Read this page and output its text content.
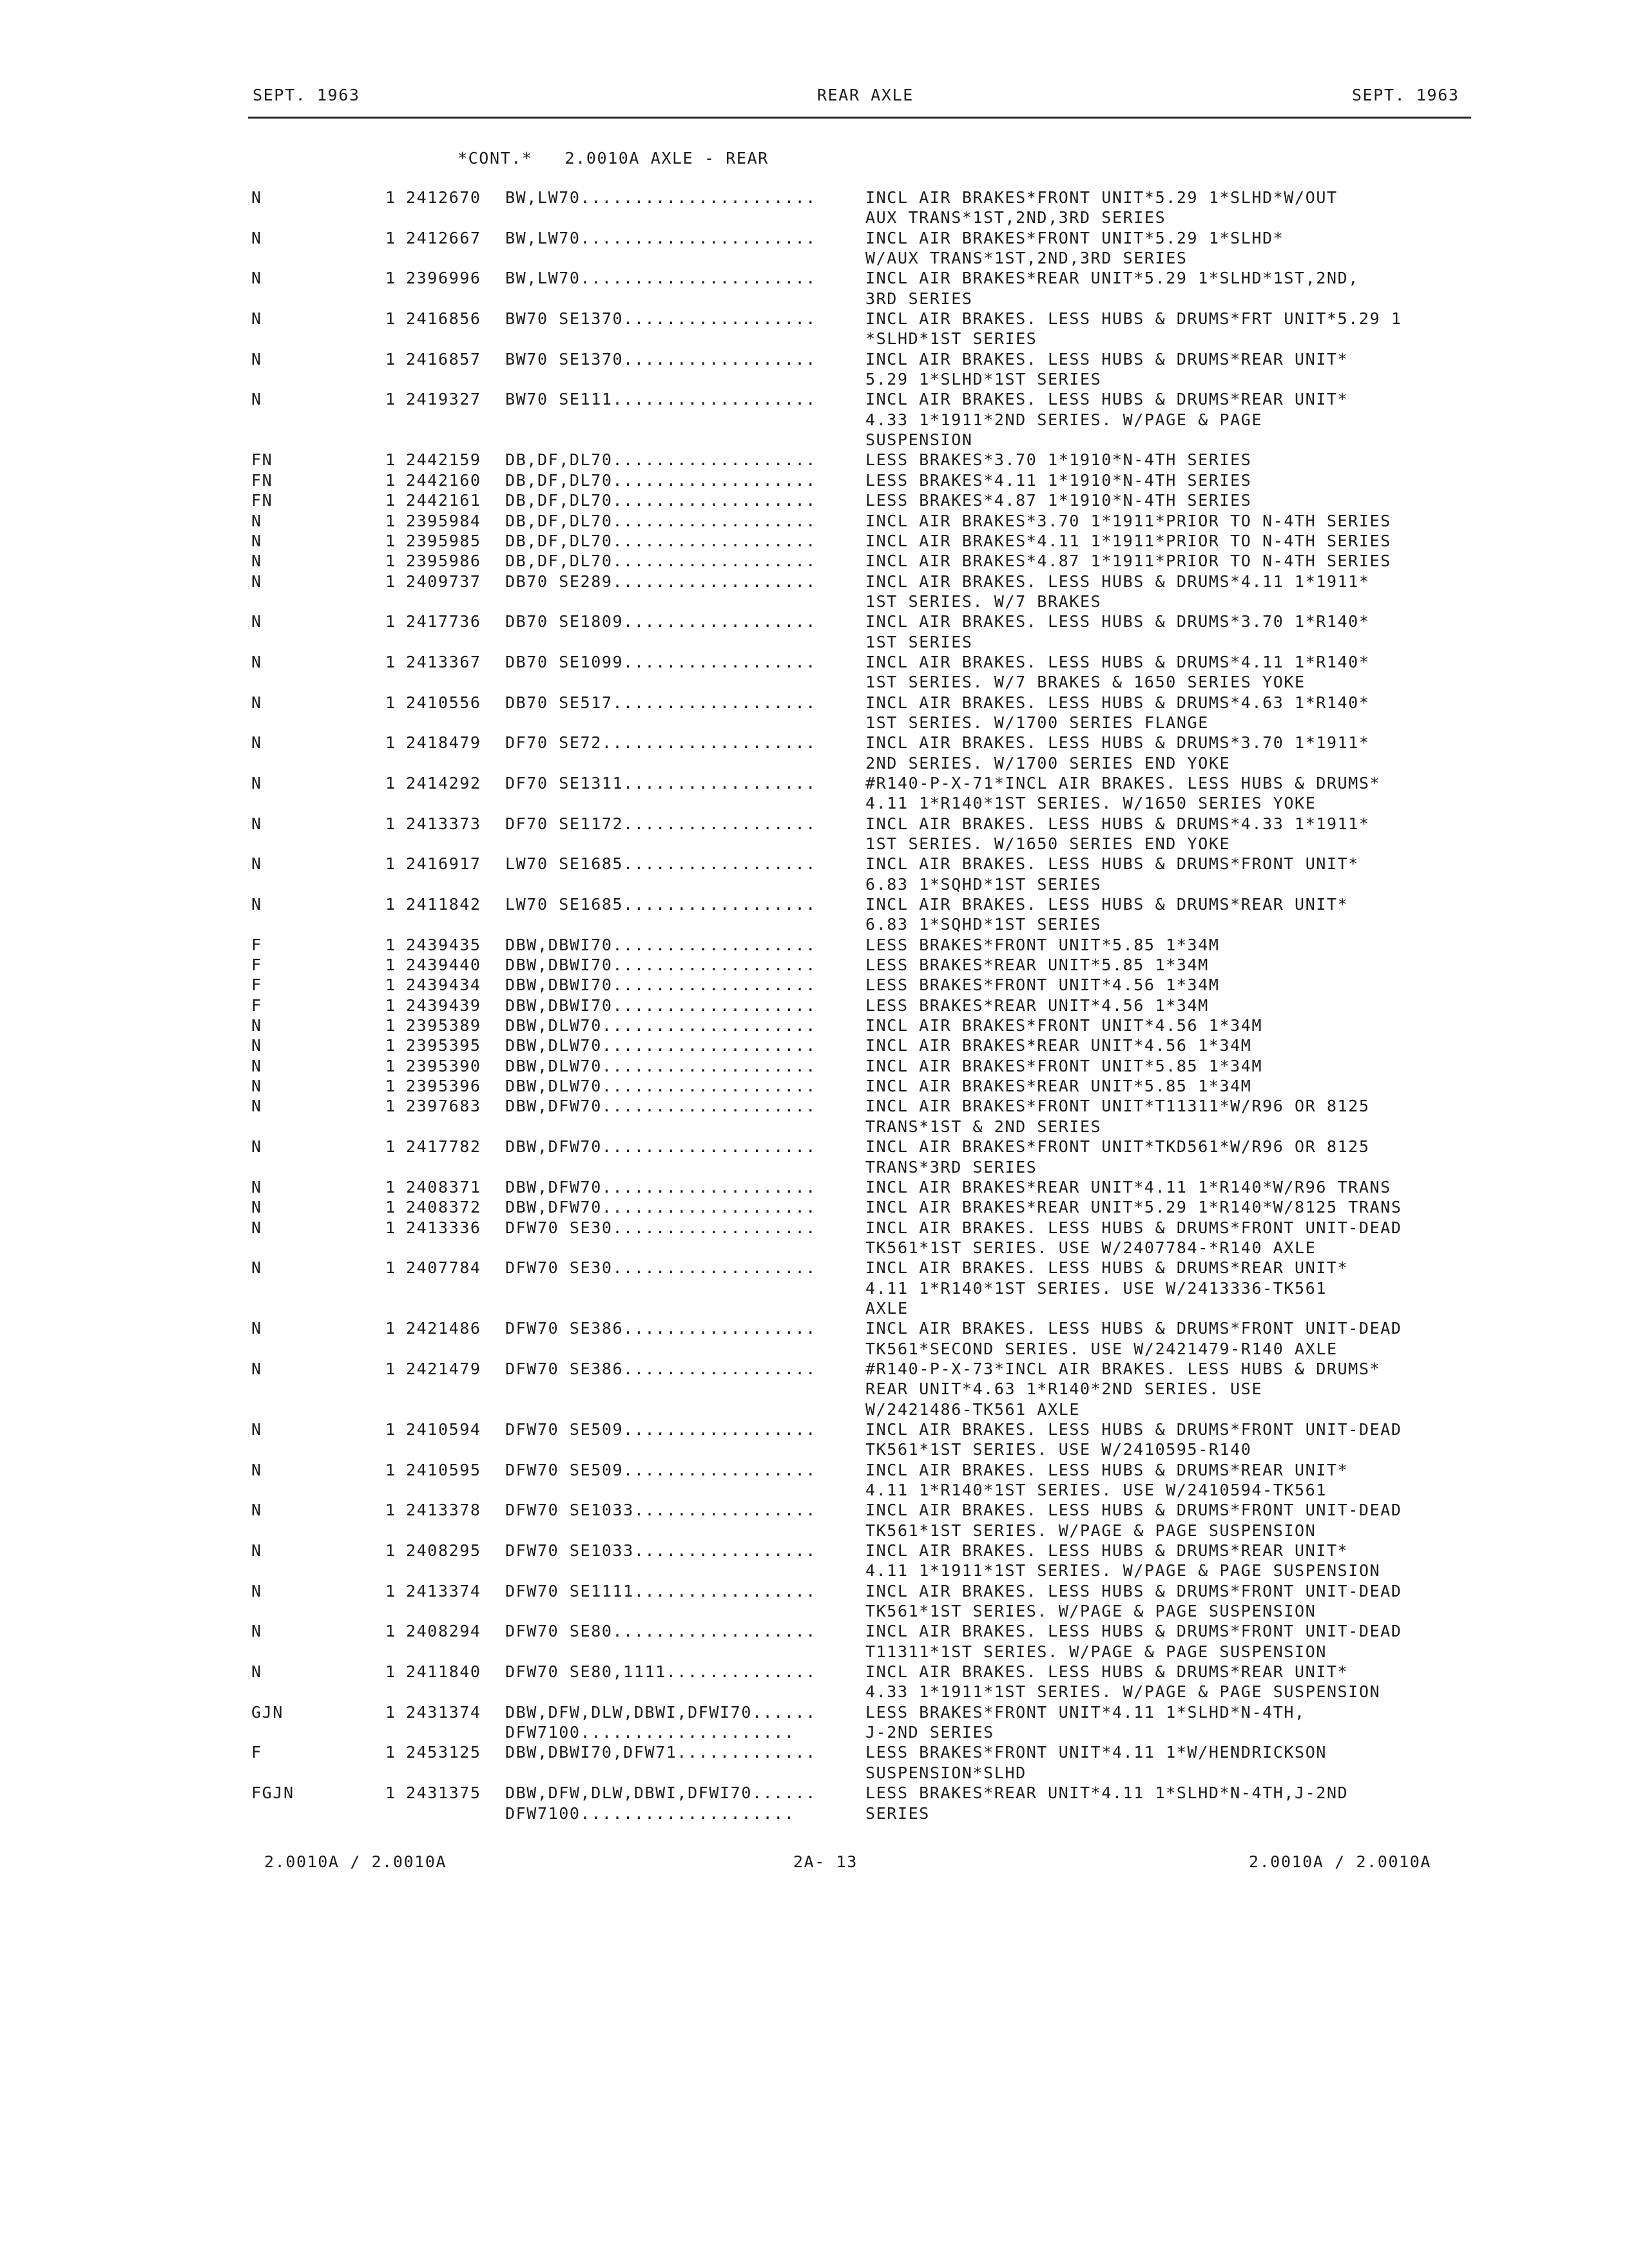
SEPT. 1963	REAR AXLE	SEPT. 1963
*CONT.*   2.0010A AXLE - REAR
N	1 2412670 BW,LW70......................	INCL AIR BRAKES*FRONT UNIT*5.29 1*SLHD*W/OUT
AUX TRANS*1ST,2ND,3RD SERIES
N	1 2412667 BW,LW70......................	INCL AIR BRAKES*FRONT UNIT*5.29 1*SLHD*
W/AUX TRANS*1ST,2ND,3RD SERIES
N	1 2396996 BW,LW70......................	INCL AIR BRAKES*REAR UNIT*5.29 1*SLHD*1ST,2ND,
3RD SERIES
N	1 2416856 BW70 SE1370..................	INCL AIR BRAKES. LESS HUBS & DRUMS*FRT UNIT*5.29 1
*SLHD*1ST SERIES
N	1 2416857 BW70 SE1370..................	INCL AIR BRAKES. LESS HUBS & DRUMS*REAR UNIT*
5.29 1*SLHD*1ST SERIES
N	1 2419327 BW70 SE111...................	INCL AIR BRAKES. LESS HUBS & DRUMS*REAR UNIT*
4.33 1*1911*2ND SERIES. W/PAGE & PAGE
SUSPENSION
FN	1 2442159 DB,DF,DL70...................	LESS BRAKES*3.70 1*1910*N-4TH SERIES
FN	1 2442160 DB,DF,DL70...................	LESS BRAKES*4.11 1*1910*N-4TH SERIES
FN	1 2442161 DB,DF,DL70...................	LESS BRAKES*4.87 1*1910*N-4TH SERIES
N	1 2395984 DB,DF,DL70...................	INCL AIR BRAKES*3.70 1*1911*PRIOR TO N-4TH SERIES
N	1 2395985 DB,DF,DL70...................	INCL AIR BRAKES*4.11 1*1911*PRIOR TO N-4TH SERIES
N	1 2395986 DB,DF,DL70...................	INCL AIR BRAKES*4.87 1*1911*PRIOR TO N-4TH SERIES
N	1 2409737 DB70 SE289...................	INCL AIR BRAKES. LESS HUBS & DRUMS*4.11 1*1911*
1ST SERIES. W/7 BRAKES
N	1 2417736 DB70 SE1809..................	INCL AIR BRAKES. LESS HUBS & DRUMS*3.70 1*R140*
1ST SERIES
N	1 2413367 DB70 SE1099..................	INCL AIR BRAKES. LESS HUBS & DRUMS*4.11 1*R140*
1ST SERIES. W/7 BRAKES & 1650 SERIES YOKE
N	1 2410556 DB70 SE517...................	INCL AIR BRAKES. LESS HUBS & DRUMS*4.63 1*R140*
1ST SERIES. W/1700 SERIES FLANGE
N	1 2418479 DF70 SE72....................	INCL AIR BRAKES. LESS HUBS & DRUMS*3.70 1*1911*
2ND SERIES. W/1700 SERIES END YOKE
N	1 2414292 DF70 SE1311..................	#R140-P-X-71*INCL AIR BRAKES. LESS HUBS & DRUMS*
4.11 1*R140*1ST SERIES. W/1650 SERIES YOKE
N	1 2413373 DF70 SE1172..................	INCL AIR BRAKES. LESS HUBS & DRUMS*4.33 1*1911*
1ST SERIES. W/1650 SERIES END YOKE
N	1 2416917 LW70 SE1685..................	INCL AIR BRAKES. LESS HUBS & DRUMS*FRONT UNIT*
6.83 1*SQHD*1ST SERIES
N	1 2411842 LW70 SE1685..................	INCL AIR BRAKES. LESS HUBS & DRUMS*REAR UNIT*
6.83 1*SQHD*1ST SERIES
F	1 2439435 DBW,DBWI70...................	LESS BRAKES*FRONT UNIT*5.85 1*34M
F	1 2439440 DBW,DBWI70...................	LESS BRAKES*REAR UNIT*5.85 1*34M
F	1 2439434 DBW,DBWI70...................	LESS BRAKES*FRONT UNIT*4.56 1*34M
F	1 2439439 DBW,DBWI70...................	LESS BRAKES*REAR UNIT*4.56 1*34M
N	1 2395389 DBW,DLW70....................	INCL AIR BRAKES*FRONT UNIT*4.56 1*34M
N	1 2395395 DBW,DLW70....................	INCL AIR BRAKES*REAR UNIT*4.56 1*34M
N	1 2395390 DBW,DLW70....................	INCL AIR BRAKES*FRONT UNIT*5.85 1*34M
N	1 2395396 DBW,DLW70....................	INCL AIR BRAKES*REAR UNIT*5.85 1*34M
N	1 2397683 DBW,DFW70....................	INCL AIR BRAKES*FRONT UNIT*T11311*W/R96 OR 8125
TRANS*1ST & 2ND SERIES
N	1 2417782 DBW,DFW70....................	INCL AIR BRAKES*FRONT UNIT*TKD561*W/R96 OR 8125
TRANS*3RD SERIES
N	1 2408371 DBW,DFW70....................	INCL AIR BRAKES*REAR UNIT*4.11 1*R140*W/R96 TRANS
N	1 2408372 DBW,DFW70....................	INCL AIR BRAKES*REAR UNIT*5.29 1*R140*W/8125 TRANS
N	1 2413336 DFW70 SE30...................	INCL AIR BRAKES. LESS HUBS & DRUMS*FRONT UNIT-DEAD
TK561*1ST SERIES. USE W/2407784-*R140 AXLE
N	1 2407784 DFW70 SE30...................	INCL AIR BRAKES. LESS HUBS & DRUMS*REAR UNIT*
4.11 1*R140*1ST SERIES. USE W/2413336-TK561
AXLE
N	1 2421486 DFW70 SE386..................	INCL AIR BRAKES. LESS HUBS & DRUMS*FRONT UNIT-DEAD
TK561*SECOND SERIES. USE W/2421479-R140 AXLE
N	1 2421479 DFW70 SE386..................	#R140-P-X-73*INCL AIR BRAKES. LESS HUBS & DRUMS*
REAR UNIT*4.63 1*R140*2ND SERIES. USE
W/2421486-TK561 AXLE
N	1 2410594 DFW70 SE509..................	INCL AIR BRAKES. LESS HUBS & DRUMS*FRONT UNIT-DEAD
TK561*1ST SERIES. USE W/2410595-R140
N	1 2410595 DFW70 SE509..................	INCL AIR BRAKES. LESS HUBS & DRUMS*REAR UNIT*
4.11 1*R140*1ST SERIES. USE W/2410594-TK561
N	1 2413378 DFW70 SE1033.................	INCL AIR BRAKES. LESS HUBS & DRUMS*FRONT UNIT-DEAD
TK561*1ST SERIES. W/PAGE & PAGE SUSPENSION
N	1 2408295 DFW70 SE1033.................	INCL AIR BRAKES. LESS HUBS & DRUMS*REAR UNIT*
4.11 1*1911*1ST SERIES. W/PAGE & PAGE SUSPENSION
N	1 2413374 DFW70 SE1111.................	INCL AIR BRAKES. LESS HUBS & DRUMS*FRONT UNIT-DEAD
TK561*1ST SERIES. W/PAGE & PAGE SUSPENSION
N	1 2408294 DFW70 SE80...................	INCL AIR BRAKES. LESS HUBS & DRUMS*FRONT UNIT-DEAD
T11311*1ST SERIES. W/PAGE & PAGE SUSPENSION
N	1 2411840 DFW70 SE80,1111..............	INCL AIR BRAKES. LESS HUBS & DRUMS*REAR UNIT*
4.33 1*1911*1ST SERIES. W/PAGE & PAGE SUSPENSION
GJN	1 2431374 DBW,DFW,DLW,DBWI,DFWI70......	LESS BRAKES*FRONT UNIT*4.11 1*SLHD*N-4TH,
DFW7100....................	J-2ND SERIES
F	1 2453125 DBW,DBWI70,DFW71.............	LESS BRAKES*FRONT UNIT*4.11 1*W/HENDRICKSON
SUSPENSION*SLHD
FGJN	1 2431375 DBW,DFW,DLW,DBWI,DFWI70......	LESS BRAKES*REAR UNIT*4.11 1*SLHD*N-4TH,J-2ND
DFW7100....................	SERIES
2.0010A / 2.0010A	2A- 13	2.0010A / 2.0010A
